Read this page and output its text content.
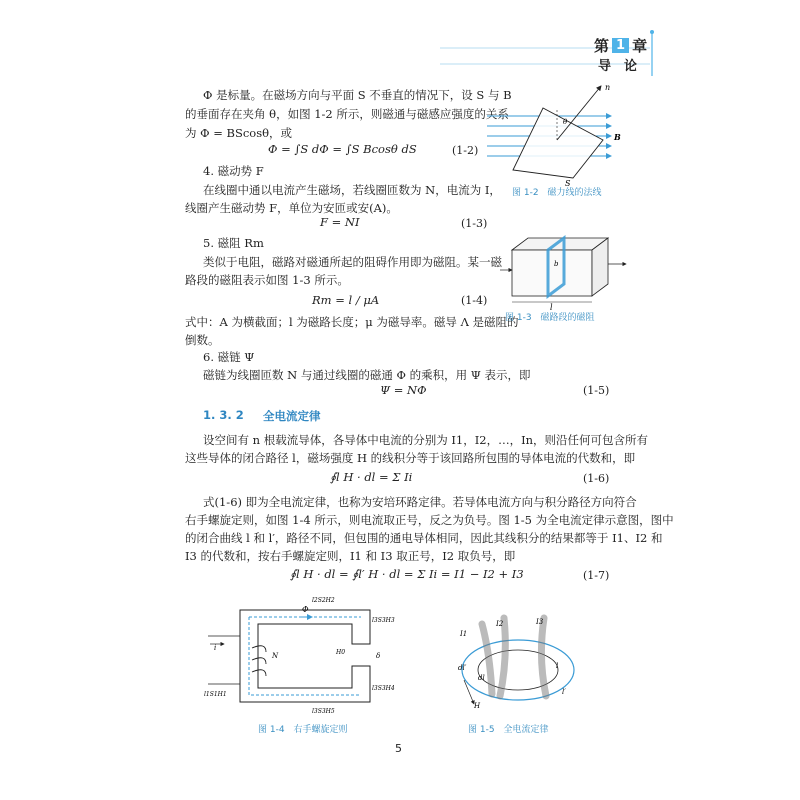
第 1 章
导　论
Φ 是标量。在磁场方向与平面 S 不垂直的情况下，设 S 与 B
的垂面存在夹角 θ，如图 1-2 所示，则磁通与磁感应强度的关系
为 Φ = BScosθ，或
Φ = ∫S dΦ = ∫S Bcosθ dS	(1-2)
4. 磁动势 F
在线圈中通以电流产生磁场，若线圈匝数为 N，电流为 I，
线圈产生磁动势 F，单位为安匝或安(A)。
F = NI	(1-3)
5. 磁阻 Rm
类似于电阻，磁路对磁通所起的阻碍作用即为磁阻。某一磁
路段的磁阻表示如图 1-3 所示。
Rm = l / μA	(1-4)
式中：A 为横截面；l 为磁路长度；μ 为磁导率。磁导 Λ 是磁阻的
倒数。
6. 磁链 Ψ
磁链为线圈匝数 N 与通过线圈的磁通 Φ 的乘积，用 Ψ 表示，即
Ψ = NΦ	(1-5)
1. 3. 2 全电流定律
设空间有 n 根载流导体，各导体中电流的分别为 I1，I2，…，In，则沿任何可包含所有
这些导体的闭合路径 l，磁场强度 H 的线积分等于该回路所包围的导体电流的代数和，即
∮l H · dl = Σ Ii	(1-6)
式(1-6) 即为全电流定律，也称为安培环路定律。若导体电流方向与积分路径方向符合
右手螺旋定则，如图 1-4 所示，则电流取正号，反之为负号。图 1-5 为全电流定律示意图，图中
的闭合曲线 l 和 l′，路径不同，但包围的通电导体相同，因此其线积分的结果都等于 I1、I2 和
I3 的代数和，按右手螺旋定则，I1 和 I3 取正号，I2 取负号，即
∮l H · dl = ∮l′ H · dl = Σ Ii = I1 − I2 + I3	(1-7)
n
B
S
θ
图 1-2　磁力线的法线
l
b
图 1-3　磁路段的磁阻
l2S2H2
Φ
l3S3H3
N
i
H0	δ
l1S1H1
l3S3H4
l3S3H5
图 1-4　右手螺旋定则
I1
I2	I3
dl′
dl
H
l
l′
图 1-5　全电流定律
5
